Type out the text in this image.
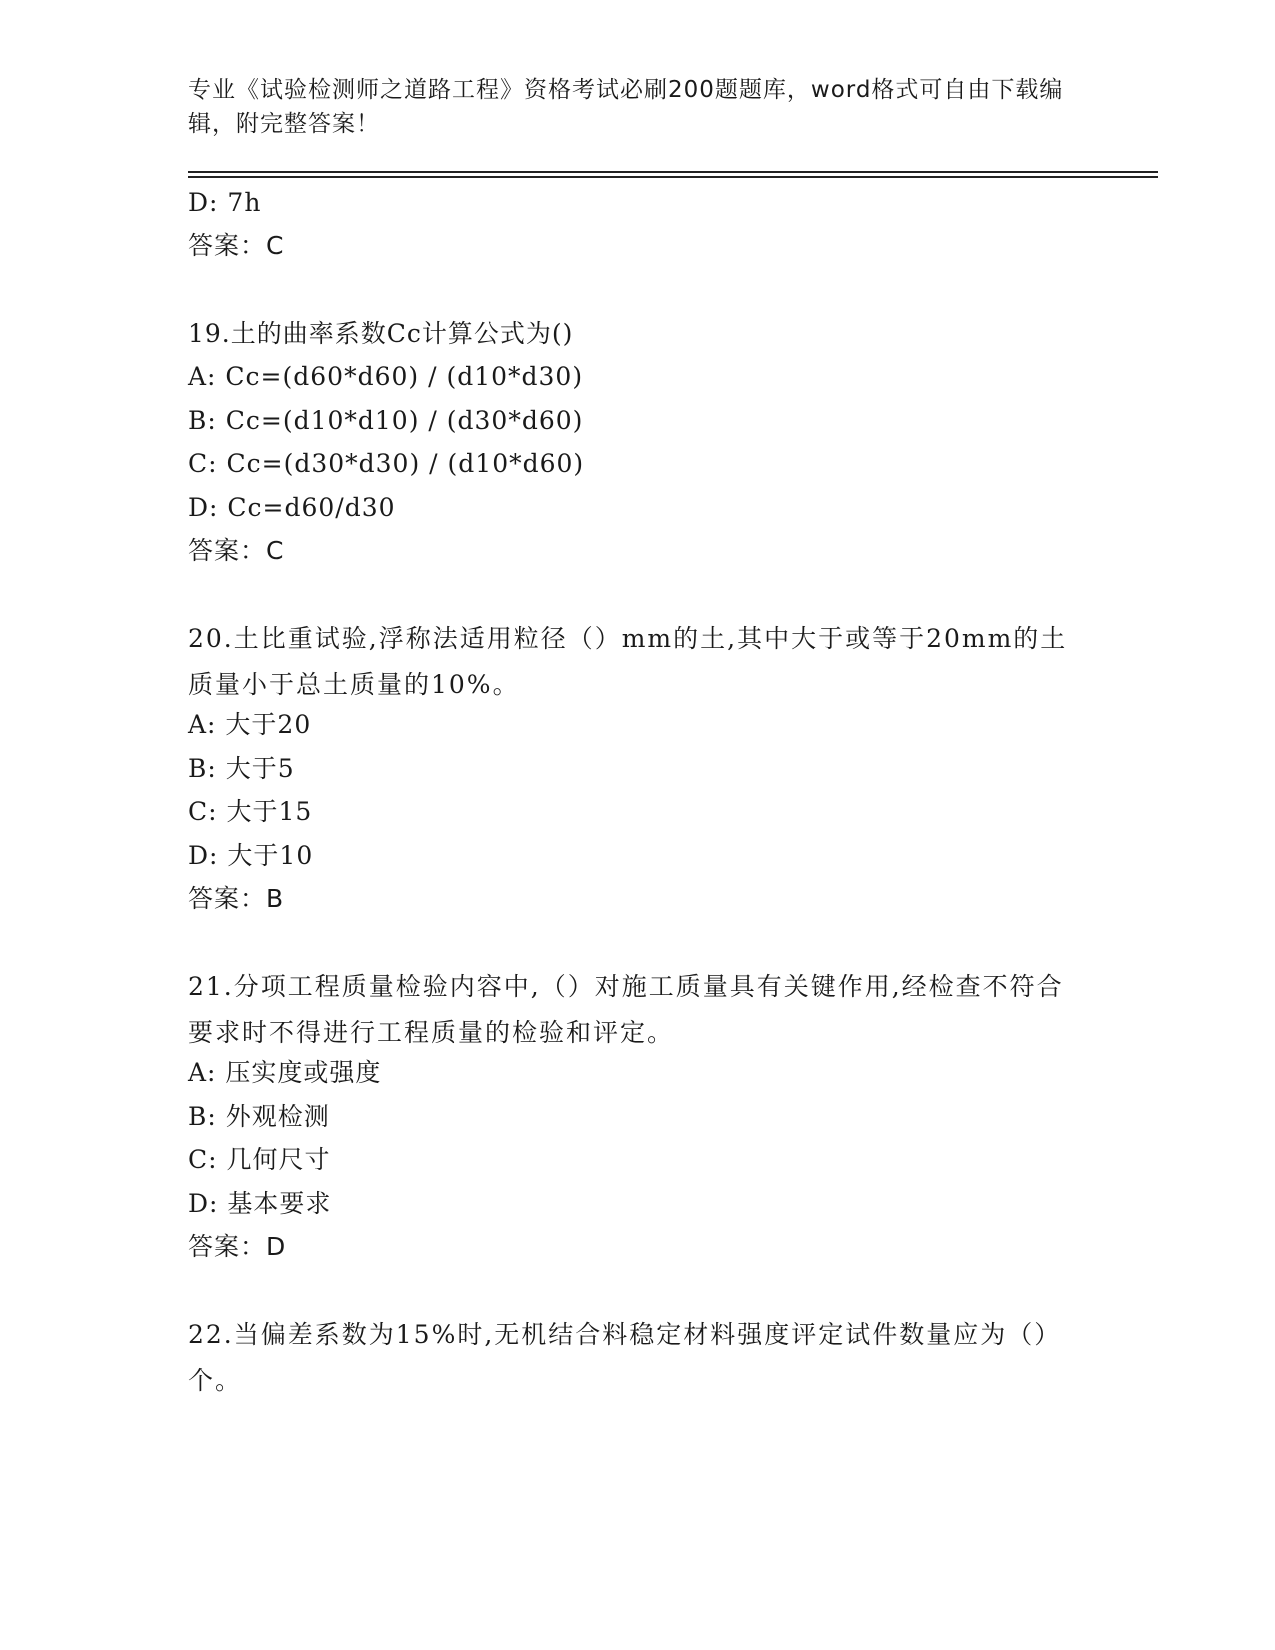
专业《试验检测师之道路工程》资格考试必刷200题题库，word格式可自由下载编辑，附完整答案！
D: 7h
答案：C
19.土的曲率系数Cc计算公式为()
A: Cc=(d60*d60) / (d10*d30)
B: Cc=(d10*d10) / (d30*d60)
C: Cc=(d30*d30) / (d10*d60)
D: Cc=d60/d30
答案：C
20.土比重试验,浮称法适用粒径（）mm的土,其中大于或等于20mm的土质量小于总土质量的10%。
A: 大于20
B: 大于5
C: 大于15
D: 大于10
答案：B
21.分项工程质量检验内容中,（）对施工质量具有关键作用,经检查不符合要求时不得进行工程质量的检验和评定。
A: 压实度或强度
B: 外观检测
C: 几何尺寸
D: 基本要求
答案：D
22.当偏差系数为15%时,无机结合料稳定材料强度评定试件数量应为（）个。
